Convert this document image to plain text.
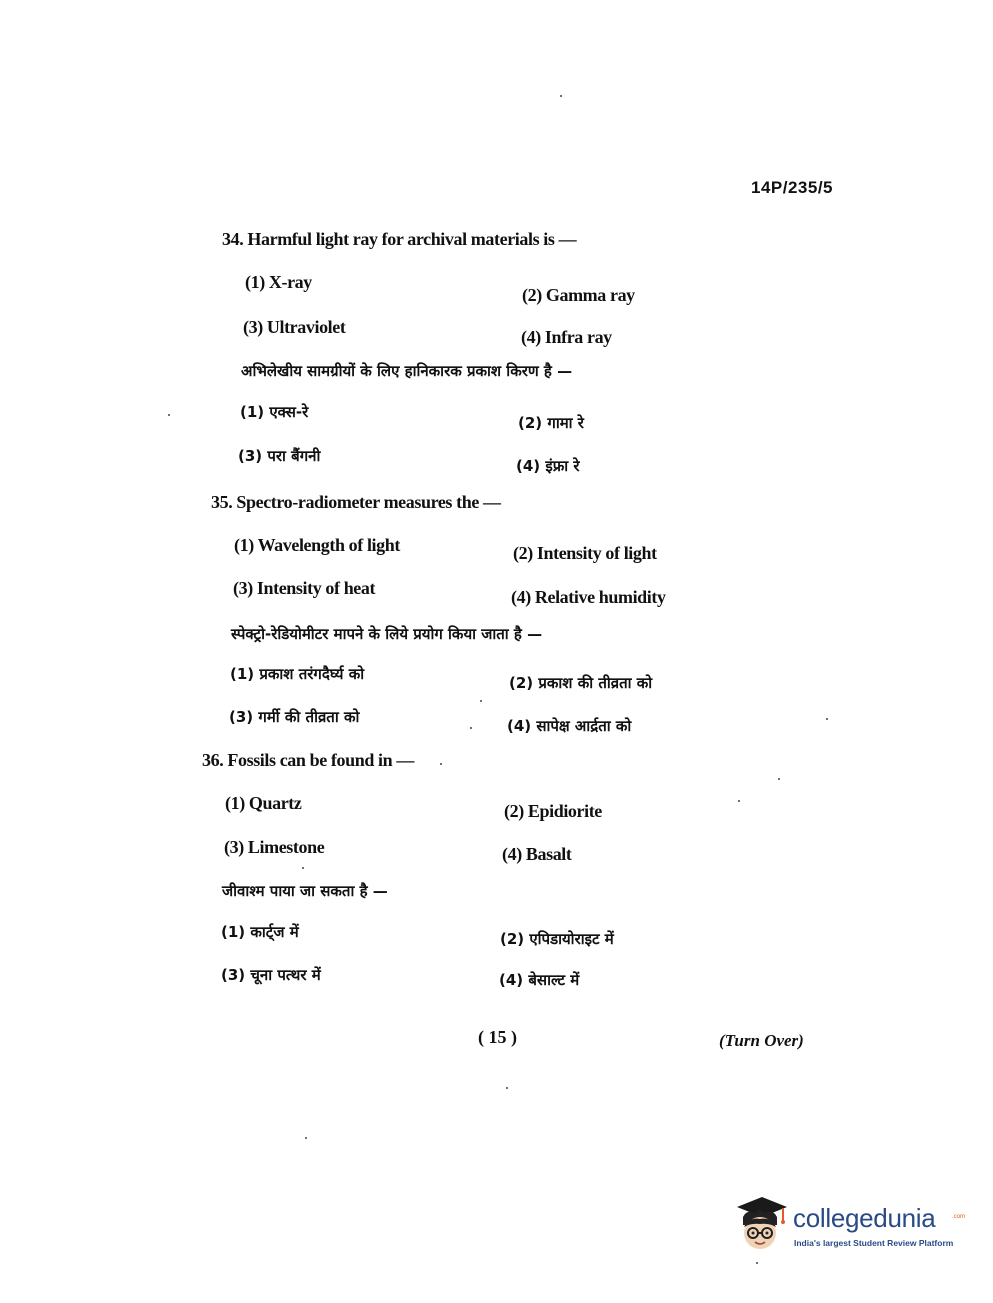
14P/235/5
34. Harmful light ray for archival materials is —
(1) X-ray
(2) Gamma ray
(3) Ultraviolet	(4) Infra ray
अभिलेखीय सामग्रीयों के लिए हानिकारक प्रकाश किरण है —
(1) एक्स-रे
(2) गामा रे
(3) परा बैंगनी
(4) इंफ्रा रे
35. Spectro-radiometer measures the —
(1) Wavelength of light	(2) Intensity of light
(3) Intensity of heat	(4) Relative humidity
स्पेक्ट्रो-रेडियोमीटर मापने के लिये प्रयोग किया जाता है —
(1) प्रकाश तरंगदैर्घ्य को	(2) प्रकाश की तीव्रता को
(3) गर्मी की तीव्रता को	(4) सापेक्ष आर्द्रता को
36. Fossils can be found in —
(1) Quartz	(2) Epidiorite
(3) Limestone	(4) Basalt
जीवाश्म पाया जा सकता है —
(1) कार्ट्ज में	(2) एपिडायोराइट में
(3) चूना पत्थर में	(4) बेसाल्ट में
( 15 )	(Turn Over)
collegedunia	.com
India's largest Student Review Platform
